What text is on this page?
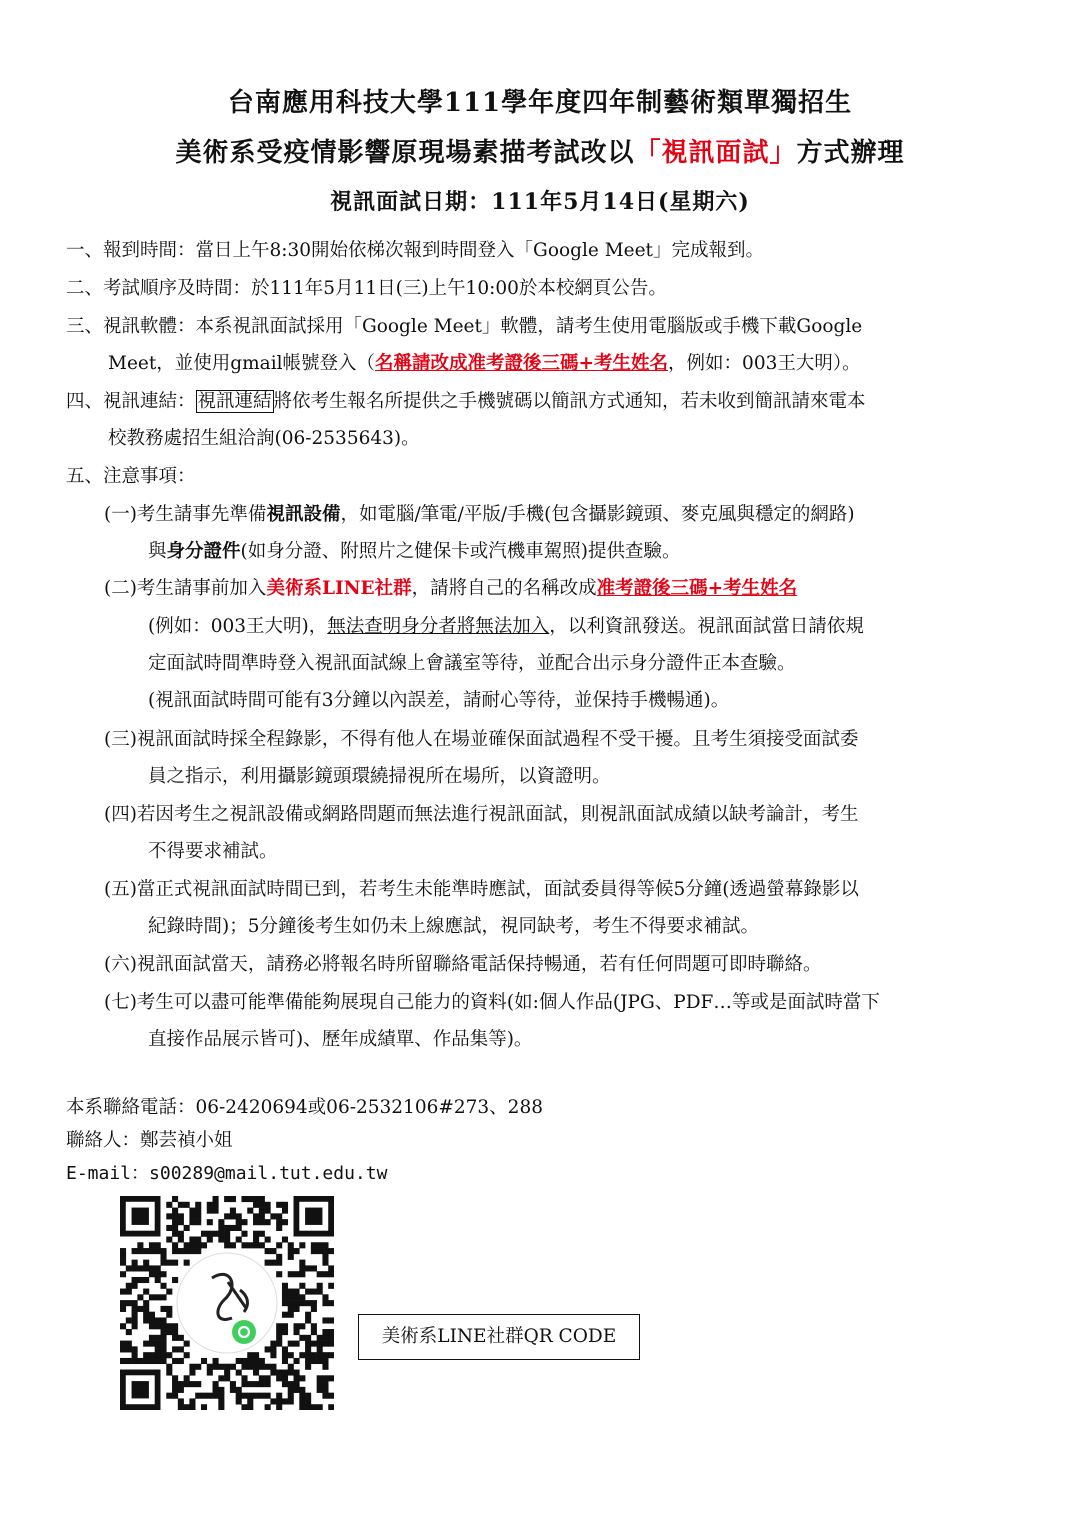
台南應用科技大學111學年度四年制藝術類單獨招生
美術系受疫情影響原現場素描考試改以「視訊面試」方式辦理
視訊面試日期：111年5月14日(星期六)
一、報到時間：當日上午8:30開始依梯次報到時間登入「Google Meet」完成報到。
二、考試順序及時間：於111年5月11日(三)上午10:00於本校網頁公告。
三、視訊軟體：本系視訊面試採用「Google Meet」軟體，請考生使用電腦版或手機下載Google
Meet，並使用gmail帳號登入（名稱請改成准考證後三碼+考生姓名，例如：003王大明）。
四、視訊連結： 視訊連結 將依考生報名所提供之手機號碼以簡訊方式通知，若未收到簡訊請來電本
校教務處招生組洽詢(06-2535643)。
五、注意事項：
(一)考生請事先準備視訊設備，如電腦/筆電/平版/手機(包含攝影鏡頭、麥克風與穩定的網路)
與身分證件(如身分證、附照片之健保卡或汽機車駕照)提供查驗。
(二)考生請事前加入美術系LINE社群，請將自己的名稱改成准考證後三碼+考生姓名
(例如：003王大明)，無法查明身分者將無法加入，以利資訊發送。視訊面試當日請依規
定面試時間準時登入視訊面試線上會議室等待，並配合出示身分證件正本查驗。
(視訊面試時間可能有3分鐘以內誤差，請耐心等待，並保持手機暢通)。
(三)視訊面試時採全程錄影，不得有他人在場並確保面試過程不受干擾。且考生須接受面試委
員之指示，利用攝影鏡頭環繞掃視所在場所，以資證明。
(四)若因考生之視訊設備或網路問題而無法進行視訊面試，則視訊面試成績以缺考論計，考生
不得要求補試。
(五)當正式視訊面試時間已到，若考生未能準時應試，面試委員得等候5分鐘(透過螢幕錄影以
紀錄時間)；5分鐘後考生如仍未上線應試，視同缺考，考生不得要求補試。
(六)視訊面試當天，請務必將報名時所留聯絡電話保持暢通，若有任何問題可即時聯絡。
(七)考生可以盡可能準備能夠展現自己能力的資料(如:個人作品(JPG、PDF…等或是面試時當下
直接作品展示皆可)、歷年成績單、作品集等)。
本系聯絡電話：06-2420694或06-2532106#273、288
聯絡人：鄭芸禎小姐
E-mail：s00289@mail.tut.edu.tw
美術系LINE社群QR CODE
